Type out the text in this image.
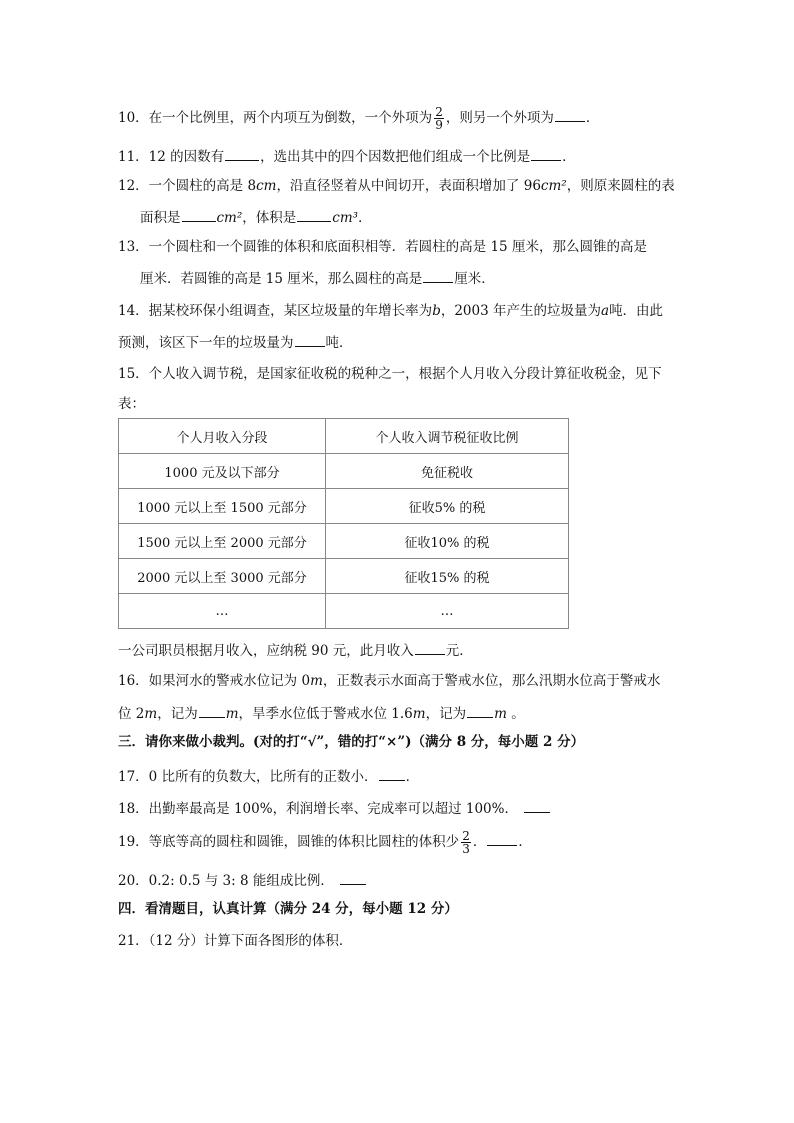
10．在一个比例里，两个内项互为倒数，一个外项为 $\frac{2}{9}$ ，则另一个外项为 ．
11．12 的因数有	，选出其中的四个因数把他们组成一个比例是 ．
12．一个圆柱的高是 8cm，沿直径竖着从中间切开，表面积增加了 96cm²，则原来圆柱的表
面积是	cm²，体积是	cm³．
13．一个圆柱和一个圆锥的体积和底面积相等．若圆柱的高是 15 厘米，那么圆锥的高是
厘米．若圆锥的高是 15 厘米，那么圆柱的高是 厘米．
14．据某校环保小组调查，某区垃圾量的年增长率为b，2003 年产生的垃圾量为a吨．由此
预测，该区下一年的垃圾量为 吨．
15．个人收入调节税，是国家征收税的税种之一，根据个人月收入分段计算征收税金，见下
表：
个人月收入分段	个人收入调节税征收比例
1000 元及以下部分	免征税收
1000 元以上至 1500 元部分	征收5% 的税
1500 元以上至 2000 元部分	征收10% 的税
2000 元以上至 3000 元部分	征收15% 的税
…	…
一公司职员根据月收入，应纳税 90 元，此月收入 元．
16．如果河水的警戒水位记为 0m，正数表示水面高于警戒水位，那么汛期水位高于警戒水
位 2m，记为 m，旱季水位低于警戒水位 1.6m，记为 m 。
三．请你来做小裁判。(对的打“√”，错的打“×”)（满分 8 分，每小题 2 分）
17．0 比所有的负数大，比所有的正数小． ．
18．出勤率最高是 100%，利润增长率、完成率可以超过 100%．
19．等底等高的圆柱和圆锥，圆锥的体积比圆柱的体积少 $\frac{2}{3}$ ． ．
20．0.2: 0.5 与 3: 8 能组成比例．
四．看清题目，认真计算（满分 24 分，每小题 12 分）
21．（12 分）计算下面各图形的体积．
